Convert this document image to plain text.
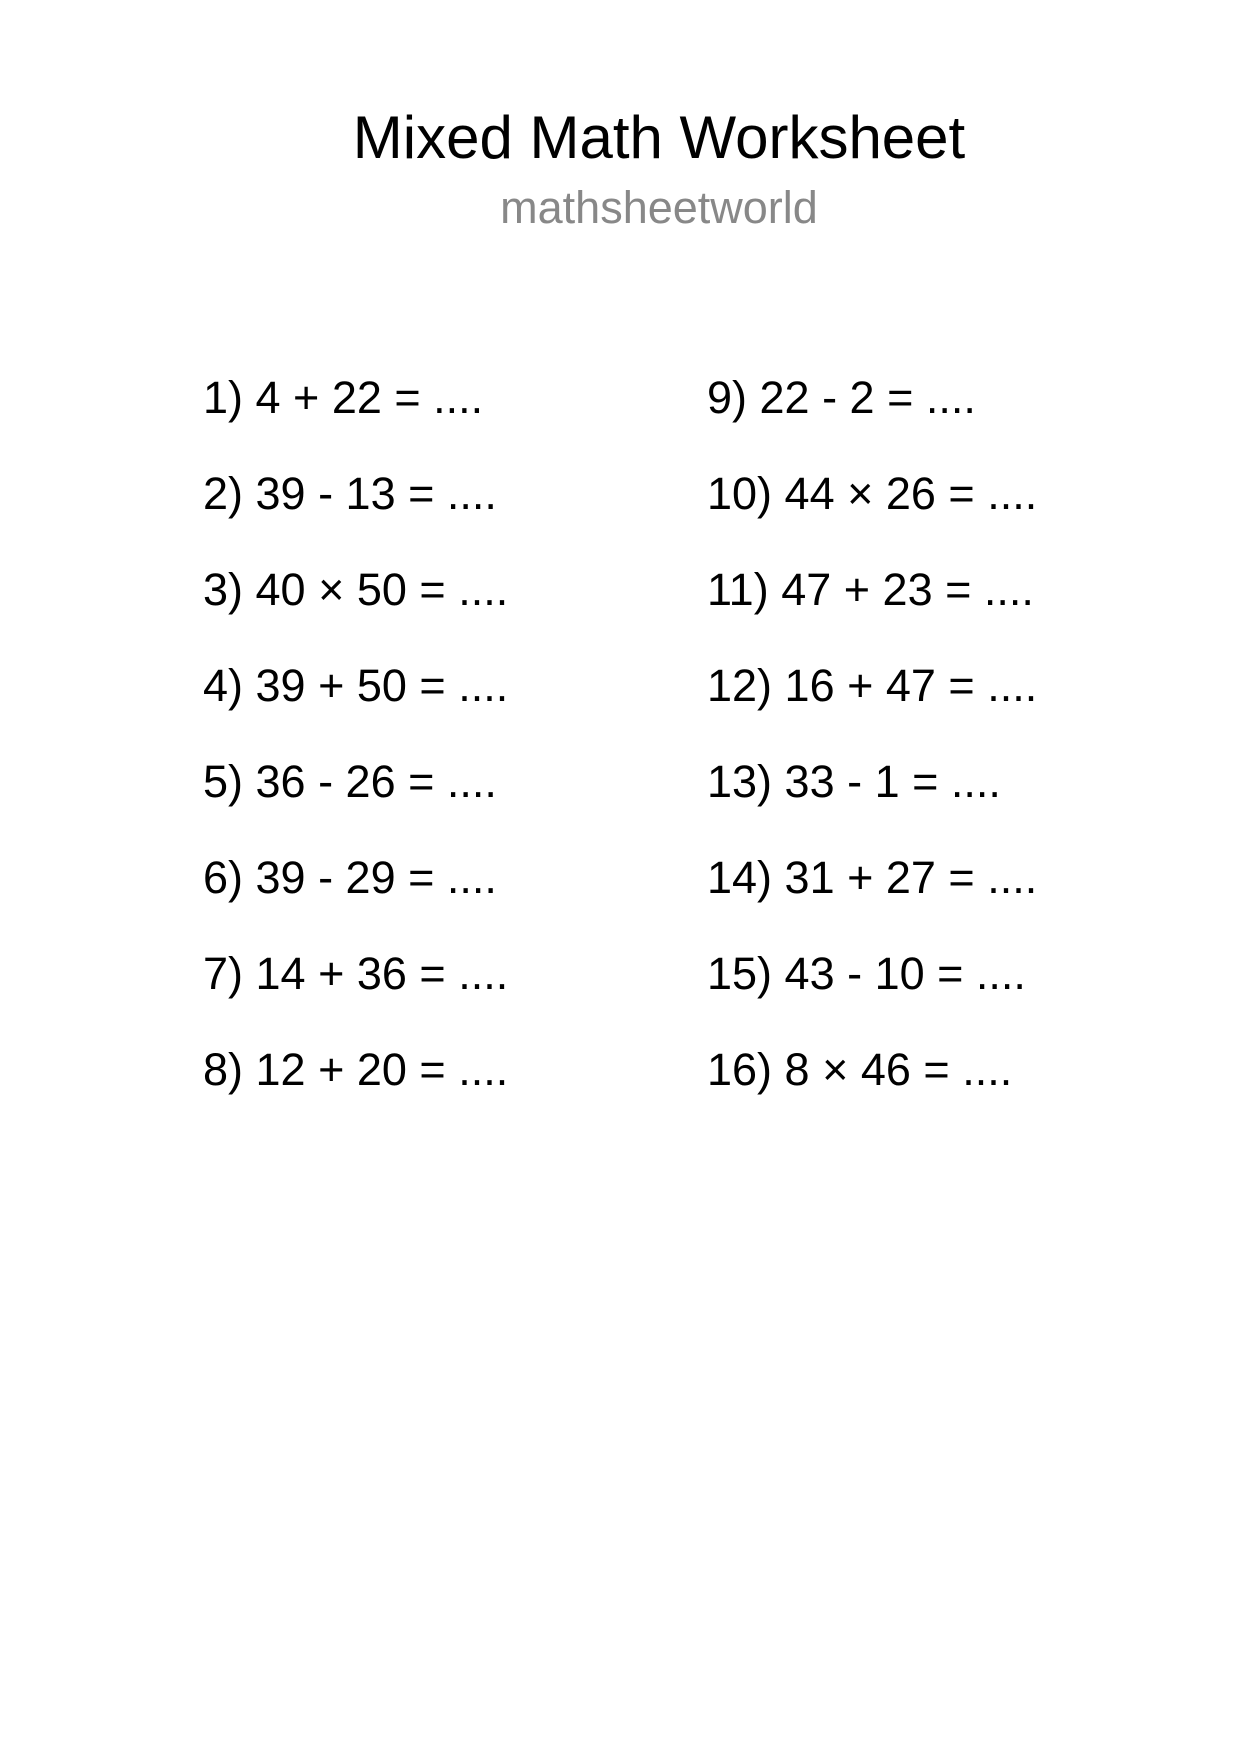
Mixed Math Worksheet
mathsheetworld
1) 4 + 22 = ....
2) 39 - 13 = ....
3) 40 × 50 = ....
4) 39 + 50 = ....
5) 36 - 26 = ....
6) 39 - 29 = ....
7) 14 + 36 = ....
8) 12 + 20 = ....
9) 22 - 2 = ....
10) 44 × 26 = ....
11) 47 + 23 = ....
12) 16 + 47 = ....
13) 33 - 1 = ....
14) 31 + 27 = ....
15) 43 - 10 = ....
16) 8 × 46 = ....
